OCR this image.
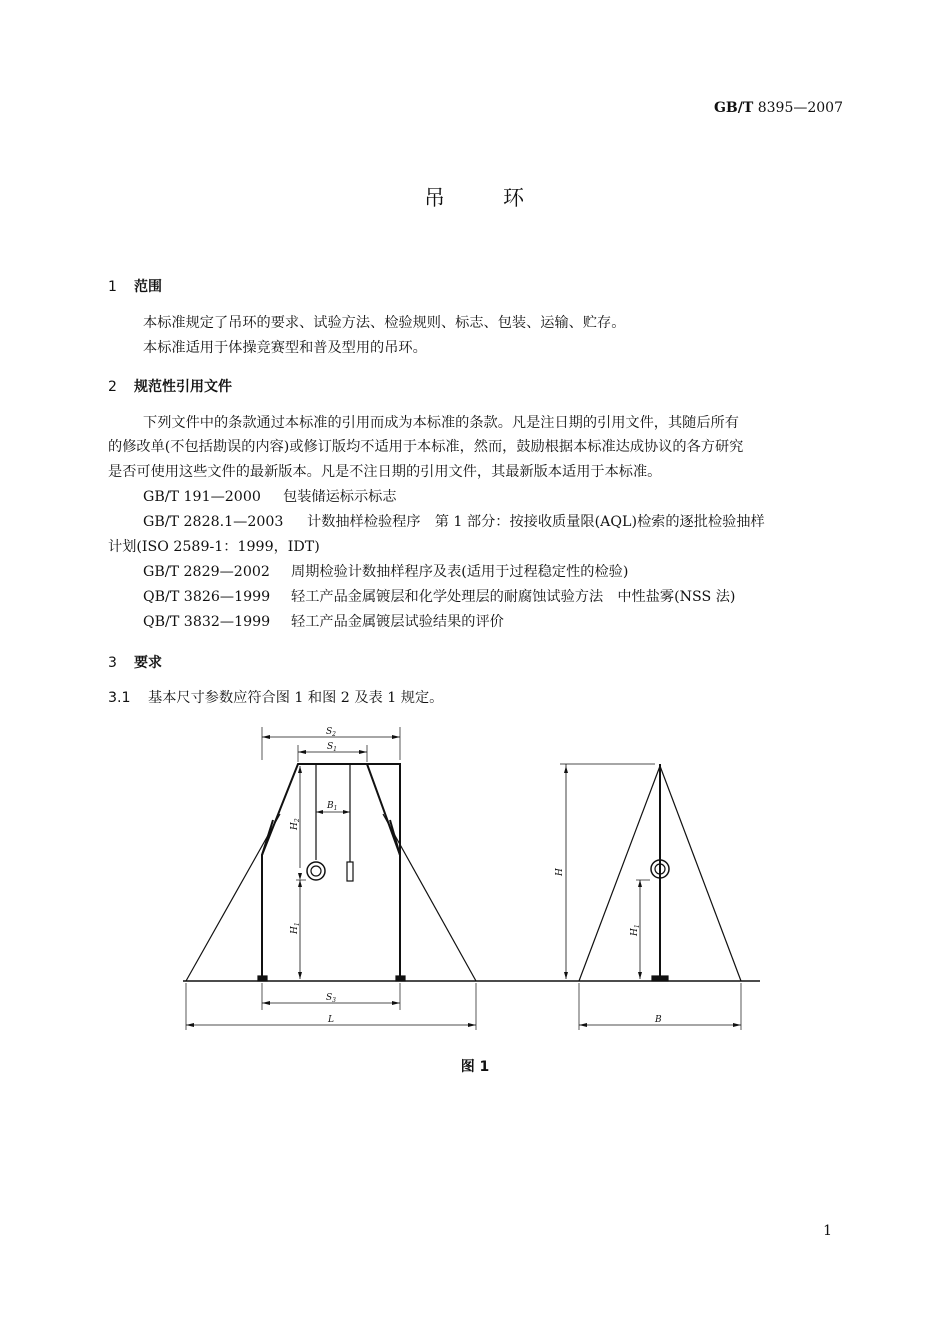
GB/T 8395—2007
吊	环
1 范围
本标准规定了吊环的要求、试验方法、检验规则、标志、包装、运输、贮存。
本标准适用于体操竞赛型和普及型用的吊环。
2 规范性引用文件
下列文件中的条款通过本标准的引用而成为本标准的条款。凡是注日期的引用文件，其随后所有
的修改单(不包括勘误的内容)或修订版均不适用于本标准，然而，鼓励根据本标准达成协议的各方研究
是否可使用这些文件的最新版本。凡是不注日期的引用文件，其最新版本适用于本标准。
GB/T 191—2000 包装储运标示标志
GB/T 2828.1—2003 计数抽样检验程序　第 1 部分：按接收质量限(AQL)检索的逐批检验抽样
计划(ISO 2589-1：1999，IDT)
GB/T 2829—2002 周期检验计数抽样程序及表(适用于过程稳定性的检验)
QB/T 3826—1999 轻工产品金属镀层和化学处理层的耐腐蚀试验方法　中性盐雾(NSS 法)
QB/T 3832—1999 轻工产品金属镀层试验结果的评价
3 要求
3.1 基本尺寸参数应符合图 1 和图 2 及表 1 规定。
$S_2$
$S_1$
$B_1$
$H_2$
$H_1$
$S_3$
L
H
$H_1$
B
图 1
1
